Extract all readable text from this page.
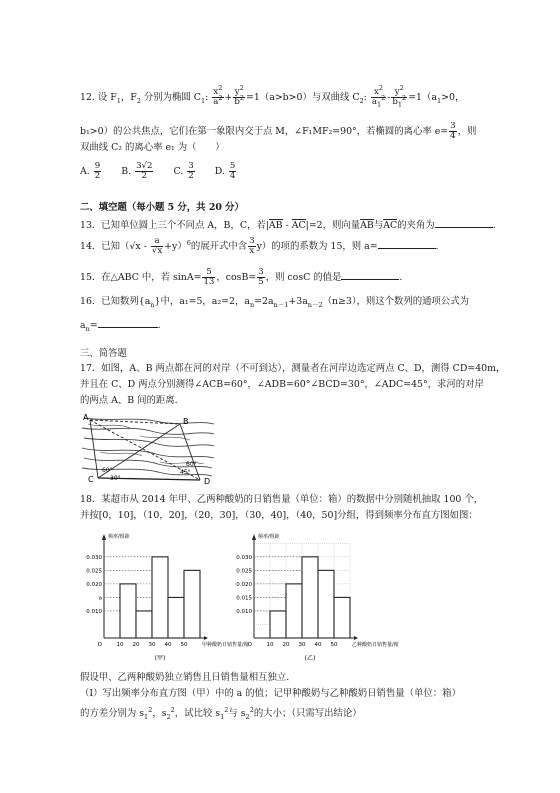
12. 设 $F_1$，$F_2$ 分别为椭圆 $C_1$: $\frac{x^2}{a^2} + \frac{y^2}{b^2} =1(a>b>0)$与双曲线 $C_2$: $\frac{x^2}{a_1^2} - \frac{y^2}{b_1^2} =1(a_1>0$，
b₁>0）的公共焦点，它们在第一象限内交于点 M，∠F₁MF₂=90°，若椭圆的离心率 $e= \frac{3}{4}$ ，则
双曲线 C₂ 的离心率 e₁ 为（　　）
A. $\frac{9}{2} B$. $\frac{3√2}{2} C$. $\frac{3}{2} D$. $\frac{5}{4}$
二、填空题（每小题 5 分，共 20 分）
13．已知单位圆上三个不同点 A，B，C，若|AB - AC|=2，则向量AB与AC的夹角为	.
14．已知$(√x - \frac{a}{√x} +y)^6$的展开式中含 $\frac{3}{x} y$）的项的系数为 15，则 a=	.
15．在△ABC 中，若 $\sin A= \frac{5}{13}$ ，$\cos B= \frac{3}{5}$ ，则 cosC 的值是	.
16．已知数列$\{a_n\}$中，a₁=5，a₂=2，$a_n=2a_{n-1}+3a_{n-2}(n\ge 3)$，则这个数列的通项公式为
$a_n=$	.
三、简答题
17．如图，A、B 两点都在河的对岸（不可到达），测量者在河岸边选定两点 C、D，测得 CD=40m，
并且在 C、D 两点分别测得∠ACB=60°，∠ADB=60°∠BCD=30°，∠ADC=45°，求河的对岸
的两点 A、B 间的距离.
A	B
C	D
60°
30°
45°
60°
18．某超市从 2014 年甲、乙两种酸奶的日销售量（单位：箱）的数据中分别随机抽取 100 个，
并按[0，10]，（10，20]，（20，30]，（30，40]，（40，50]分组，得到频率分布直方图如图：
频率/组距
0.030
0.025
0.020
a
0.010
O	10 20 30 40 50	甲种酸奶日销售量/箱
(甲)
频率/组距
0.030
0.025
0.020
0.015
0.010
O	10 20 30 40 50	乙种酸奶日销售量/箱
(乙)
假设甲、乙两种酸奶独立销售且日销售量相互独立.
（Ⅰ）写出频率分布直方图（甲）中的 a 的值；记甲种酸奶与乙种酸奶日销售量（单位：箱）
的方差分别为 $s_1^2$，$s_2^2$，试比较 $s_1^2$与 $s_2^2$的大小；（只需写出结论）
